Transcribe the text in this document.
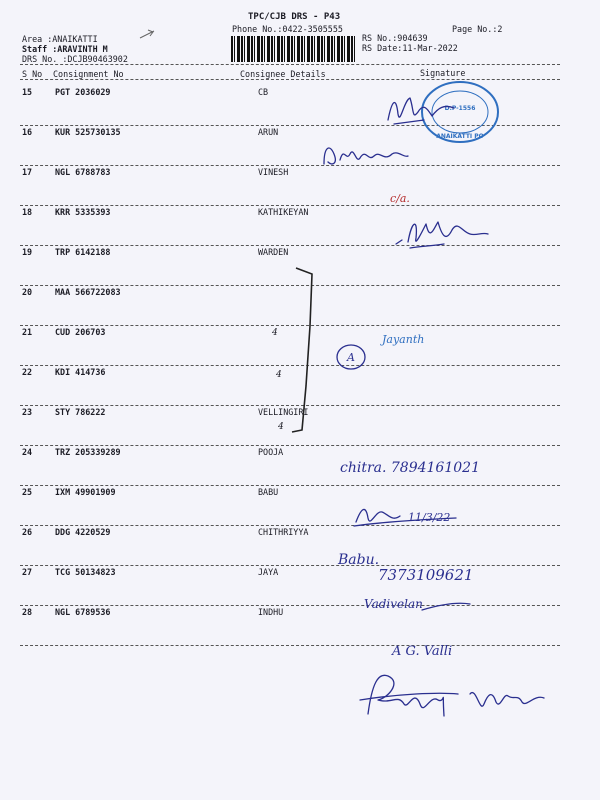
TPC/CJB DRS - P43
Phone No.:0422-3505555	Page No.:2
Area :ANAIKATTI
Staff :ARAVINTH M
DRS No. :DCJB90463902
RS No.:904639
RS Date:11-Mar-2022
S No Consignment No	Consignee Details	Signature
15	PGT 2036029	CB
16	KUR 525730135	ARUN
17	NGL 6788783	VINESH
18	KRR 5335393	KATHIKEYAN
19	TRP 6142188	WARDEN
20	MAA 566722083
21	CUD 206703
22	KDI 414736
23	STY 786222	VELLINGIRI
24	TRZ 205339289	POOJA
25	IXM 49901909	BABU
26	DDG 4220529	CHITHRIYYA
27	TCG 50134823	JAYA
28	NGL 6789536	INDHU
D.P-1556
ANAIKATTI PO
c/a.
4
4
4
Jayanth
A
chitra. 7894161021
11/3/22
Babu.
7373109621
Vadivelan
A G. Valli
